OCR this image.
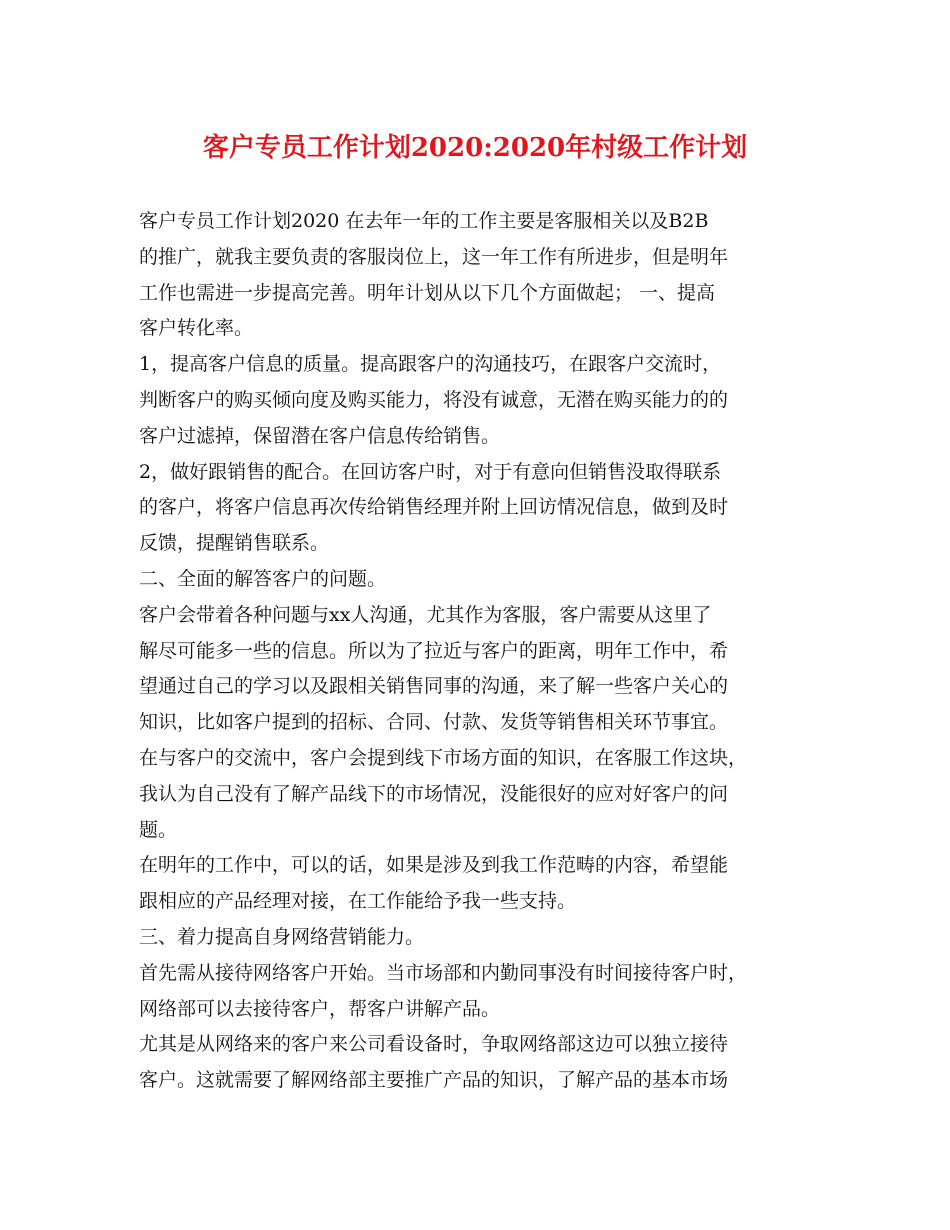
客户专员工作计划2020:2020年村级工作计划
客户专员工作计划2020 在去年一年的工作主要是客服相关以及B2B
的推广，就我主要负责的客服岗位上，这一年工作有所进步，但是明年
工作也需进一步提高完善。明年计划从以下几个方面做起； 一、提高
客户转化率。
1，提高客户信息的质量。提高跟客户的沟通技巧，在跟客户交流时，
判断客户的购买倾向度及购买能力，将没有诚意，无潜在购买能力的的
客户过滤掉，保留潜在客户信息传给销售。
2，做好跟销售的配合。在回访客户时，对于有意向但销售没取得联系
的客户，将客户信息再次传给销售经理并附上回访情况信息，做到及时
反馈，提醒销售联系。
二、全面的解答客户的问题。
客户会带着各种问题与xx人沟通，尤其作为客服，客户需要从这里了
解尽可能多一些的信息。所以为了拉近与客户的距离，明年工作中，希
望通过自己的学习以及跟相关销售同事的沟通，来了解一些客户关心的
知识，比如客户提到的招标、合同、付款、发货等销售相关环节事宜。
在与客户的交流中，客户会提到线下市场方面的知识，在客服工作这块，
我认为自己没有了解产品线下的市场情况，没能很好的应对好客户的问
题。
在明年的工作中，可以的话，如果是涉及到我工作范畴的内容，希望能
跟相应的产品经理对接，在工作能给予我一些支持。
三、着力提高自身网络营销能力。
首先需从接待网络客户开始。当市场部和内勤同事没有时间接待客户时，
网络部可以去接待客户，帮客户讲解产品。
尤其是从网络来的客户来公司看设备时，争取网络部这边可以独立接待
客户。这就需要了解网络部主要推广产品的知识，了解产品的基本市场
